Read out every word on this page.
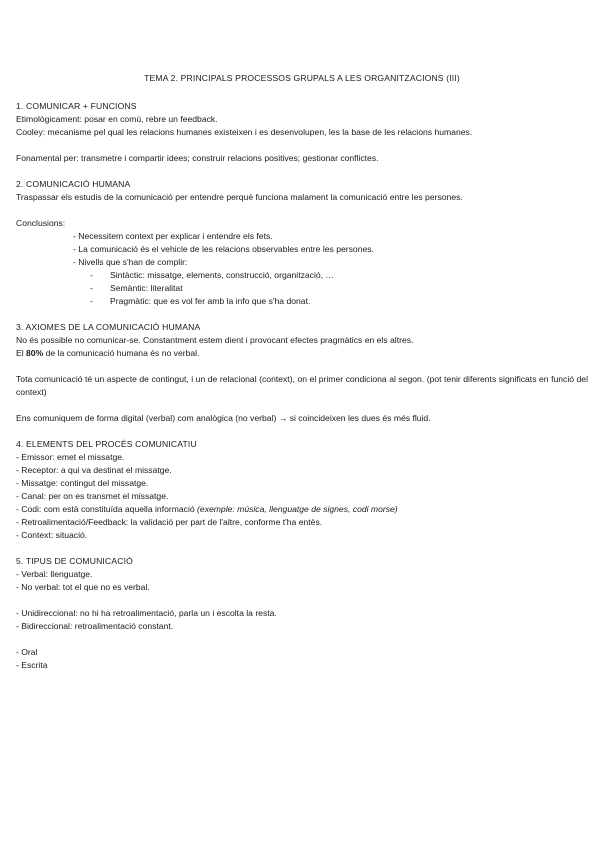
TEMA 2. PRINCIPALS PROCESSOS GRUPALS A LES ORGANITZACIONS (III)

1. COMUNICAR + FUNCIONS

Etimològicament: posar en comú, rebre un feedback.

Cooley: mecanisme pel qual les relacions humanes existeixen i es desenvolupen, les la base de les relacions humanes.

Fonamental per: transmetre i compartir idees; construir relacions positives; gestionar conflictes.

2. COMUNICACIÓ HUMANA

Traspassar els estudis de la comunicació per entendre perquè funciona malament la comunicació entre les persones.

Conclusions:

- Necessitem context per explicar i entendre els fets.

- La comunicació és el vehicle de les relacions observables entre les persones.

- Nivells que s'han de complir:

- Sintàctic: missatge, elements, construcció, organització, …

- Semàntic: literalitat

- Pragmàtic: que es vol fer amb la info que s'ha donat.

3. AXIOMES DE LA COMUNICACIÓ HUMANA

No és possible no comunicar-se. Constantment estem dient i provocant efectes pragmàtics en els altres.

El 80% de la comunicació humana és no verbal.

Tota comunicació té un aspecte de contingut, i un de relacional (context), on el primer condiciona al segon. (pot tenir diferents significats en funció del context)

Ens comuniquem de forma digital (verbal) com analògica (no verbal) → si coincideixen les dues és més fluid.

4. ELEMENTS DEL PROCÉS COMUNICATIU

- Emissor: emet el missatge.

- Receptor: a qui va destinat el missatge.

- Missatge: contingut del missatge.

- Canal: per on es transmet el missatge.

- Codi: com està constituïda aquella informació (exemple: música, llenguatge de signes, codi morse)

- Retroalimentació/Feedback: la validació per part de l'altre, conforme t'ha entès.

- Context: situació.

5. TIPUS DE COMUNICACIÓ

- Verbal: llenguatge.

- No verbal: tot el que no es verbal.

- Unidireccional: no hi ha retroalimentació, parla un i escolta la resta.

- Bidireccional: retroalimentació constant.

- Oral

- Escrita
